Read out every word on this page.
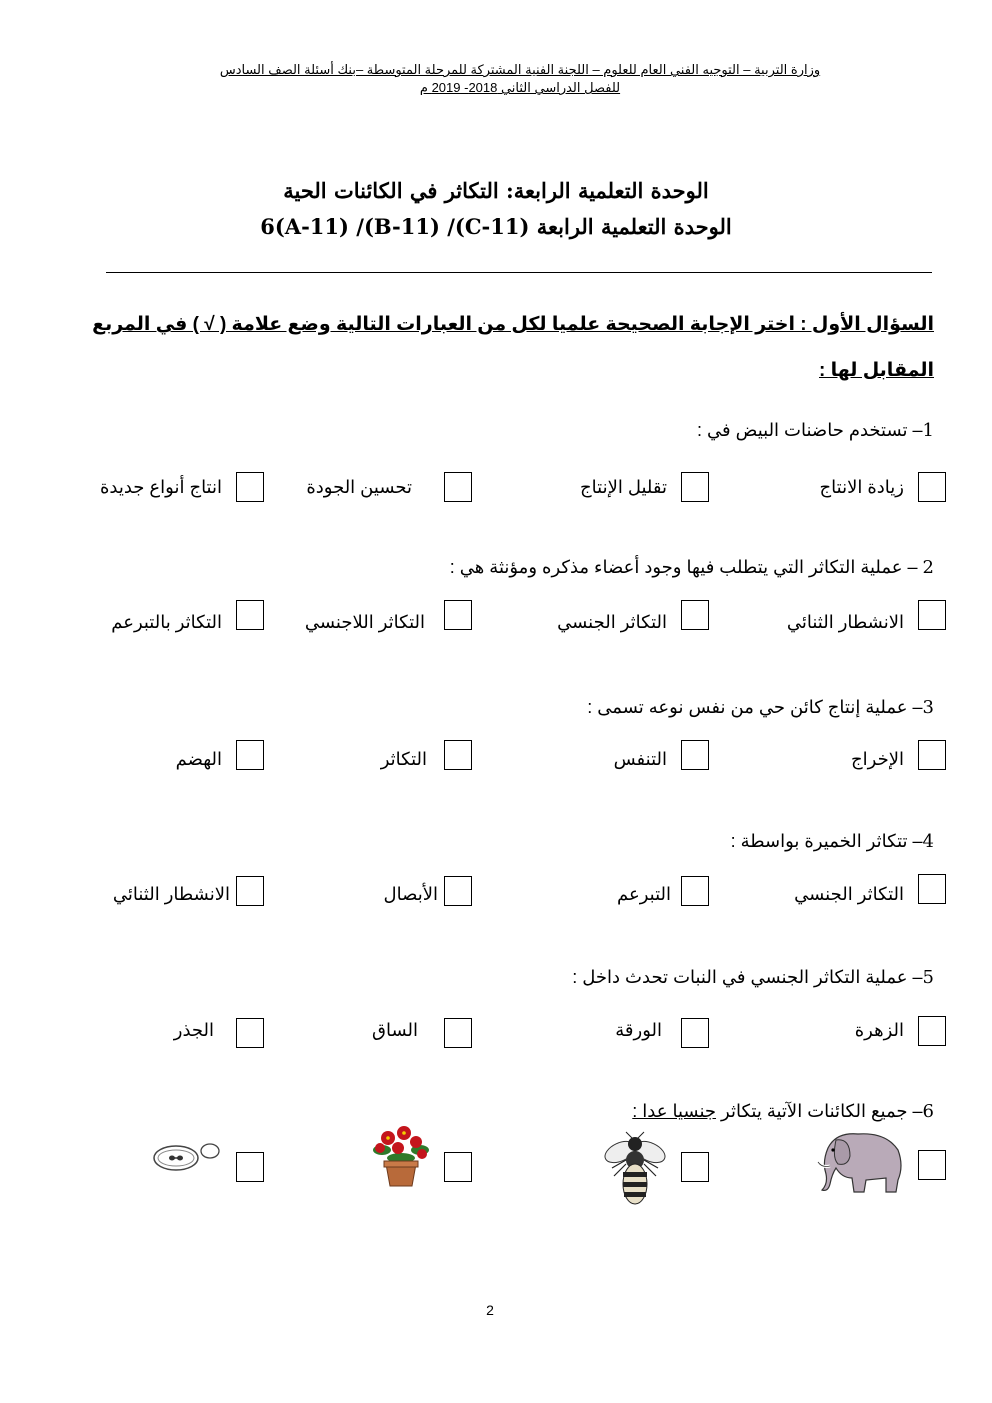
وزارة التربية – التوجيه الفني العام للعلوم – اللجنة الفنية المشتركة للمرحلة المتوسطة –بنك أسئلة الصف السادس
للفصل الدراسي الثاني 2018- 2019 م
الوحدة التعلمية الرابعة: التكاثر في الكائنات الحية
الوحدة التعلمية الرابعة (C-11)/ (B-11)/ (A-11)6
السؤال الأول : اختر الإجابة الصحيحة علميا لكل من العبارات التالية وضع علامة ( √ ) في المربع
المقابل لها :
1– تستخدم حاضنات البيض في :
زيادة الانتاج
تقليل الإنتاج
تحسين الجودة
انتاج أنواع جديدة
2 – عملية التكاثر التي يتطلب فيها وجود أعضاء مذكره ومؤنثة هي :
الانشطار الثنائي
التكاثر الجنسي
التكاثر اللاجنسي
التكاثر بالتبرعم
3– عملية إنتاج كائن حي من نفس نوعه تسمى :
الإخراج
التنفس
التكاثر
الهضم
4– تتكاثر الخميرة بواسطة :
التكاثر الجنسي
التبرعم
الأبصال
الانشطار الثنائي
5– عملية التكاثر الجنسي في النبات تحدث داخل :
الزهرة
الورقة
الساق
الجذر
6– جميع الكائنات الآتية يتكاثر جنسيا عدا :
2
